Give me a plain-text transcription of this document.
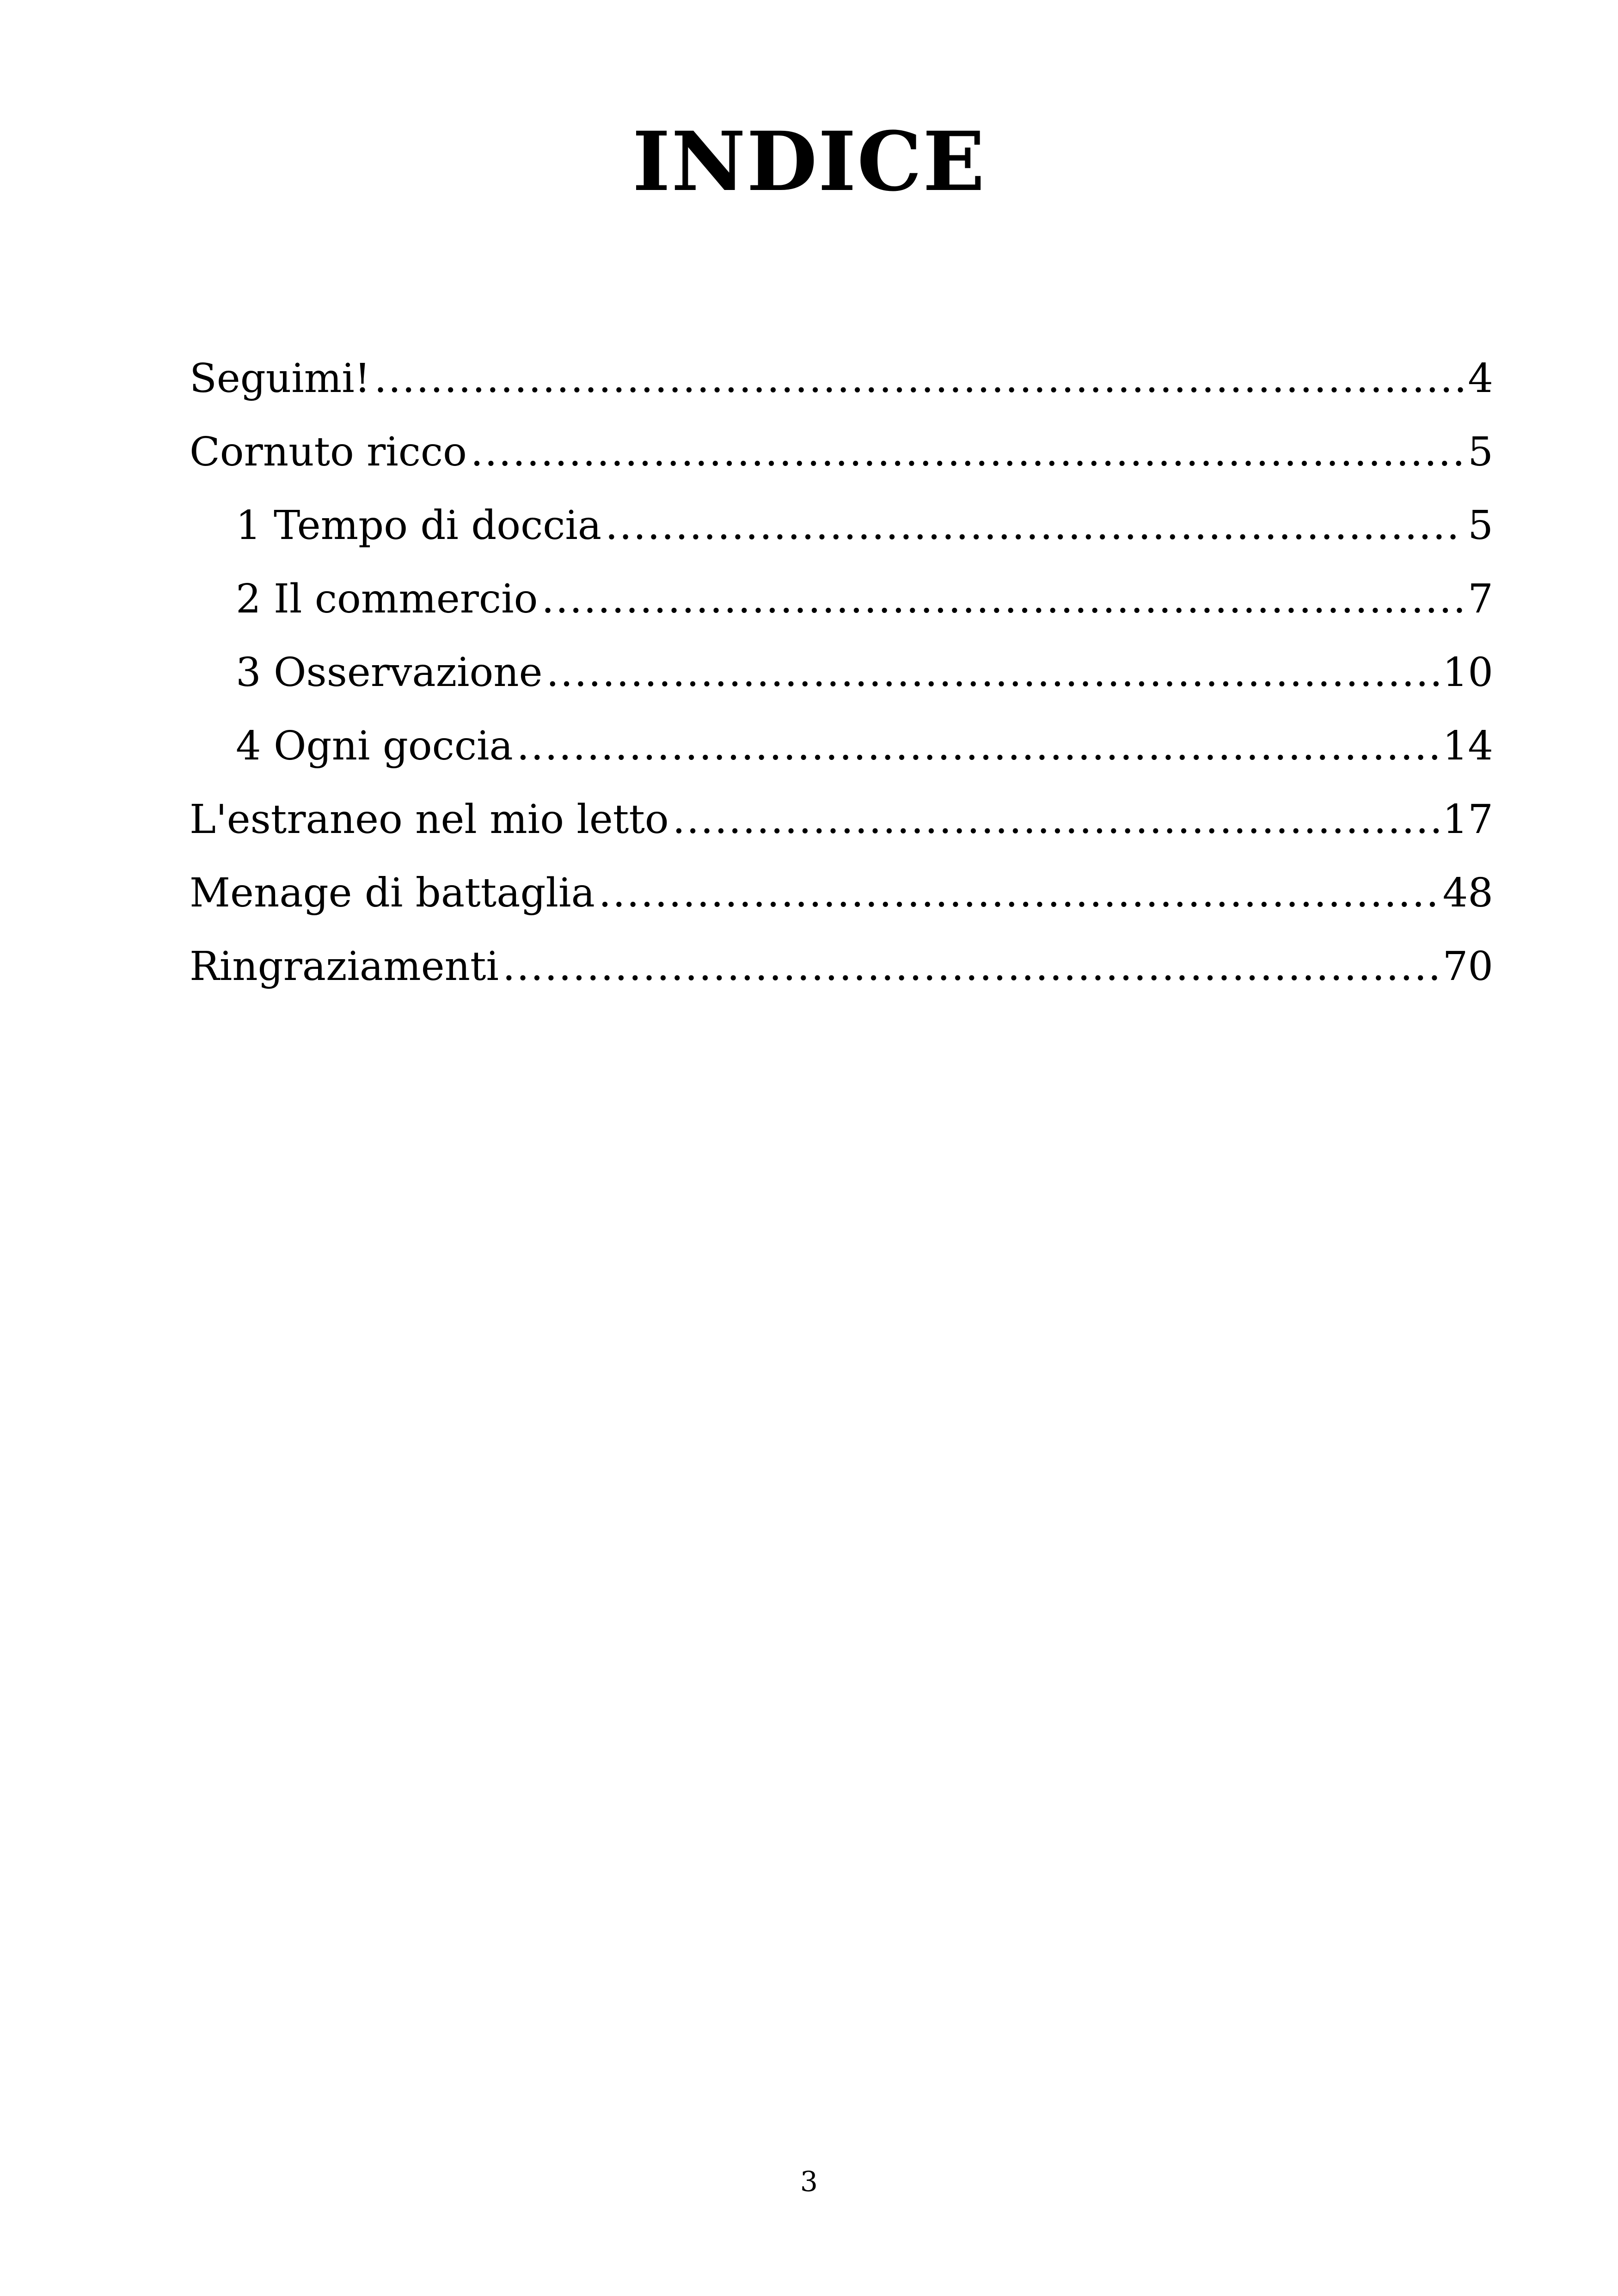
INDICE
Seguimi! .....	4
Cornuto ricco .....	5
1 Tempo di doccia .....	5
2 Il commercio .....	7
3 Osservazione .....	10
4 Ogni goccia .....	14
L'estraneo nel mio letto .....	17
Menage di battaglia .....	48
Ringraziamenti .....	70
3
